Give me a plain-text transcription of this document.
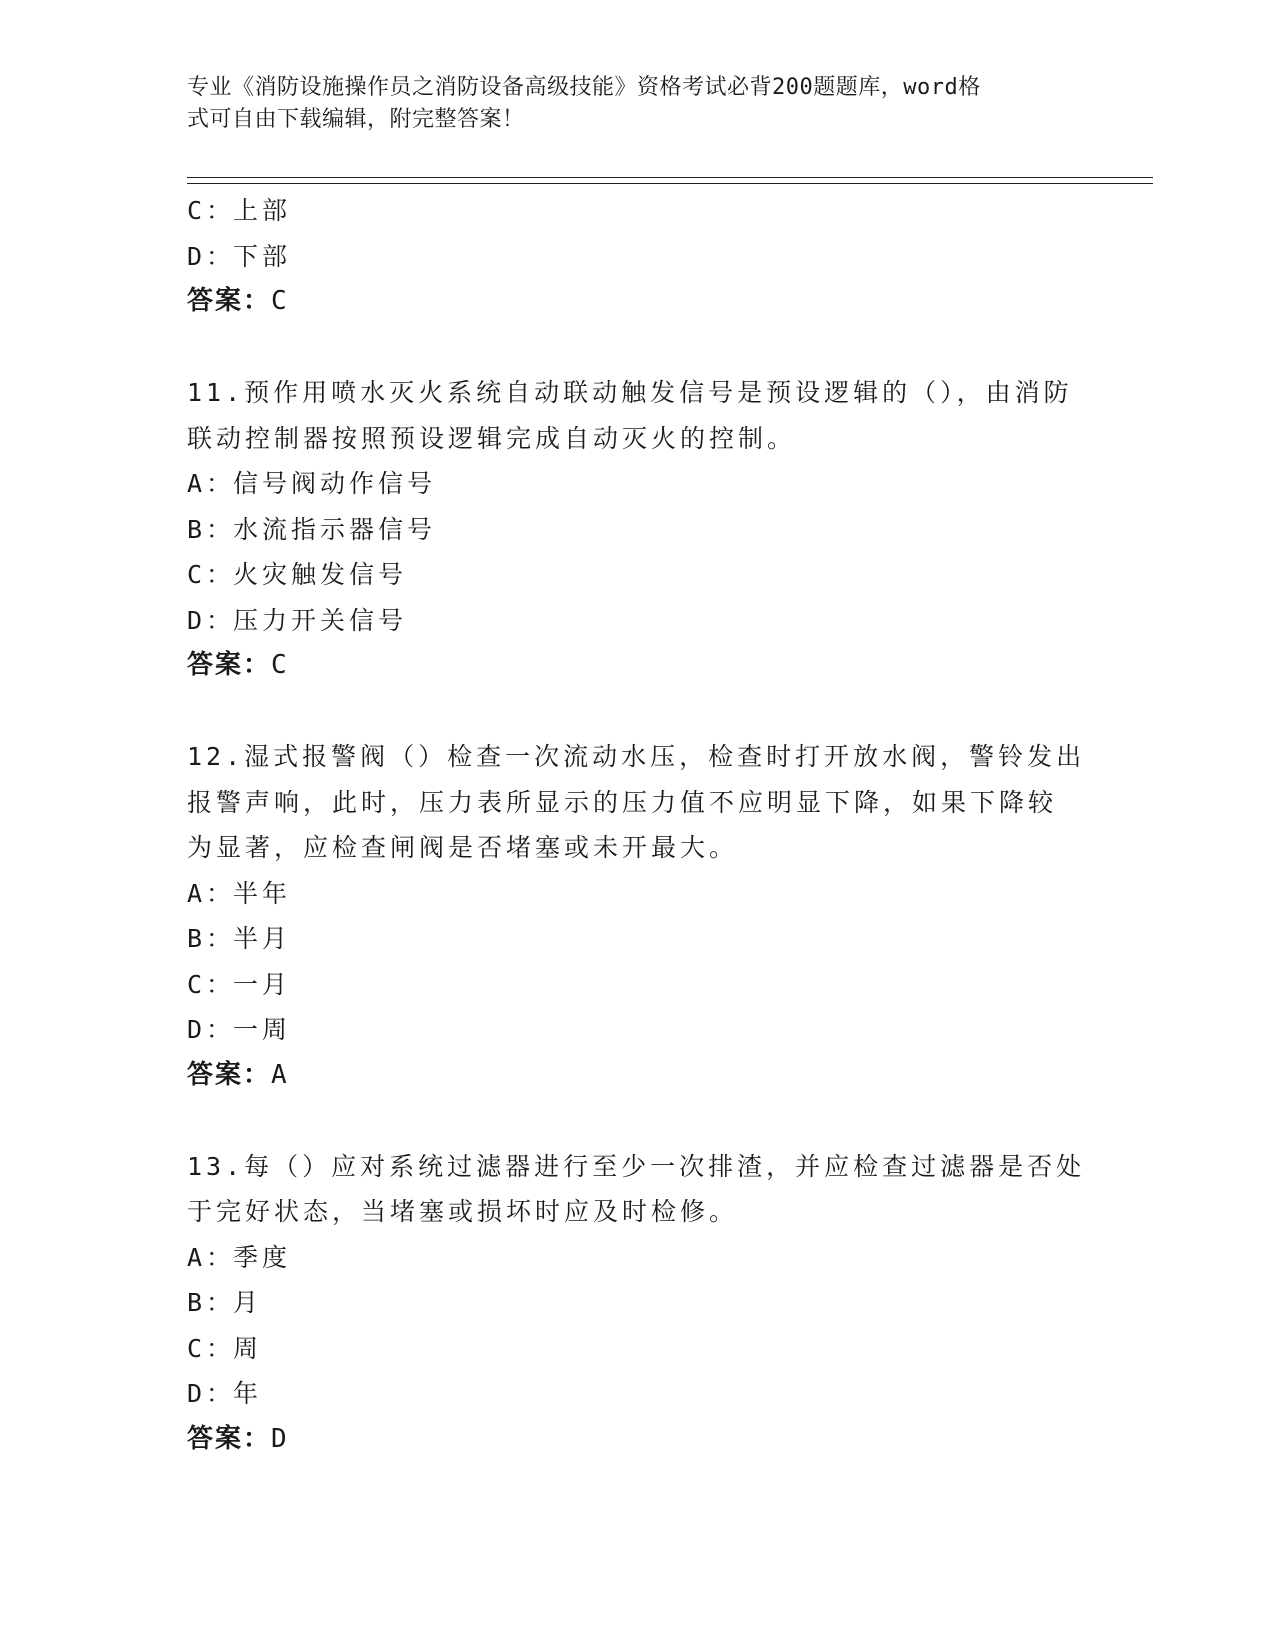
专业《消防设施操作员之消防设备高级技能》资格考试必背200题题库，word格
式可自由下载编辑，附完整答案！
C：上部
D：下部
答案：C
11.预作用喷水灭火系统自动联动触发信号是预设逻辑的（），由消防
联动控制器按照预设逻辑完成自动灭火的控制。
A：信号阀动作信号
B：水流指示器信号
C：火灾触发信号
D：压力开关信号
答案：C
12.湿式报警阀（）检查一次流动水压，检查时打开放水阀，警铃发出
报警声响，此时，压力表所显示的压力值不应明显下降，如果下降较
为显著，应检查闸阀是否堵塞或未开最大。
A：半年
B：半月
C：一月
D：一周
答案：A
13.每（）应对系统过滤器进行至少一次排渣，并应检查过滤器是否处
于完好状态，当堵塞或损坏时应及时检修。
A：季度
B：月
C：周
D：年
答案：D
